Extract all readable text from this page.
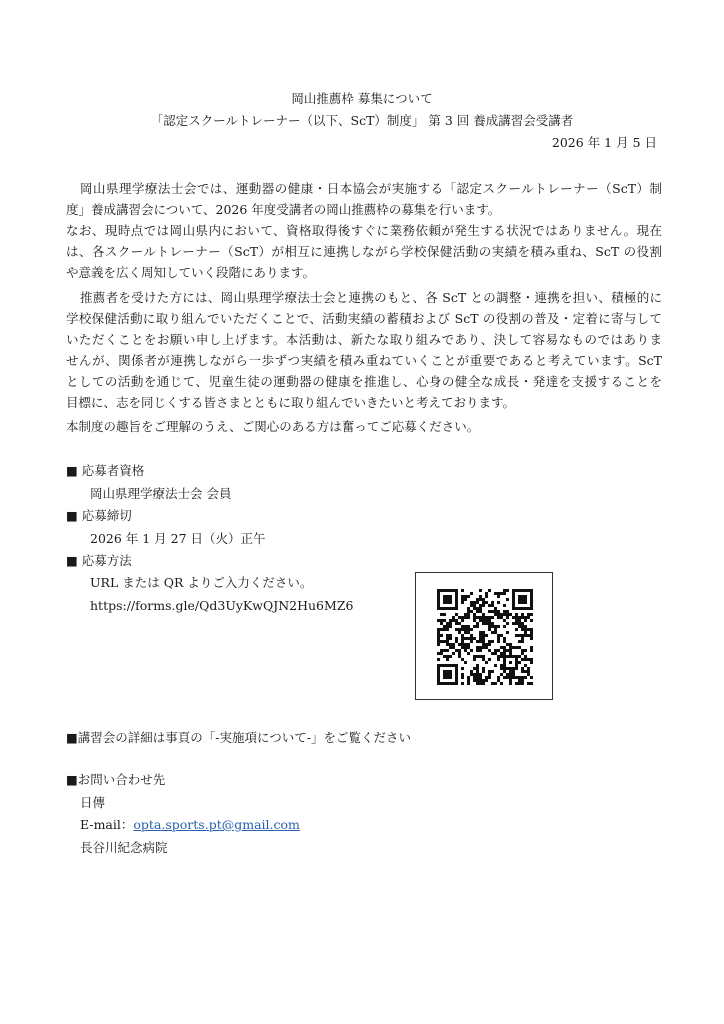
岡山推薦枠 募集について
「認定スクールトレーナー（以下、ScT）制度」 第 3 回 養成講習会受講者
2026 年 1 月 5 日
岡山県理学療法士会では、運動器の健康・日本協会が実施する「認定スクールトレーナー（ScT）制
度」養成講習会について、2026 年度受講者の岡山推薦枠の募集を行います。
なお、現時点では岡山県内において、資格取得後すぐに業務依頼が発生する状況ではありません。現在
は、各スクールトレーナー（ScT）が相互に連携しながら学校保健活動の実績を積み重ね、ScT の役割
や意義を広く周知していく段階にあります。
推薦者を受けた方には、岡山県理学療法士会と連携のもと、各 ScT との調整・連携を担い、積極的に
学校保健活動に取り組んでいただくことで、活動実績の蓄積および ScT の役割の普及・定着に寄与して
いただくことをお願い申し上げます。本活動は、新たな取り組みであり、決して容易なものではありま
せんが、関係者が連携しながら一歩ずつ実績を積み重ねていくことが重要であると考えています。ScT
としての活動を通じて、児童生徒の運動器の健康を推進し、心身の健全な成長・発達を支援することを
目標に、志を同じくする皆さまとともに取り組んでいきたいと考えております。
本制度の趣旨をご理解のうえ、ご関心のある方は奮ってご応募ください。
■ 応募者資格
岡山県理学療法士会 会員
■ 応募締切
2026 年 1 月 27 日（火）正午
■ 応募方法
URL または QR よりご入力ください。
https://forms.gle/Qd3UyKwQJN2Hu6MZ6
■講習会の詳細は事頁の「‐実施項について‐」をご覧ください
■お問い合わせ先
日傳
E-mail：opta.sports.pt@gmail.com
長谷川紀念病院
